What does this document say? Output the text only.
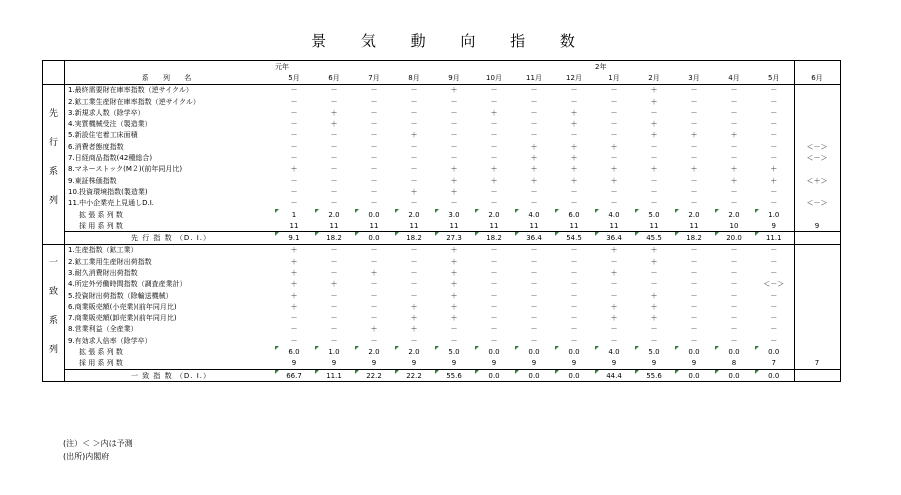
景 気 動 向 指 数
		元年								2年					
	系 列 名	5月	6月	7月	8月	9月	10月	11月	12月	1月	2月	3月	4月	5月	6月

先
行
系
列	1.最終需要財在庫率指数（逆サイクル）	－	－	－	－	＋	－	－	－	－	＋	－	－	－	
	2.鉱工業生産財在庫率指数（逆サイクル）	－	－	－	－	－	－	－	－	－	＋	－	－	－	
	3.新規求人数（除学卒）	－	＋	－	－	－	＋	－	＋	－	－	－	－	－	
	4.実質機械受注（製造業）	－	＋	－	－	－	－	－	＋	－	＋	－	－	－	
	5.新設住宅着工床面積	－	－	－	＋	－	－	－	－	－	＋	＋	＋	－	
	6.消費者態度指数	－	－	－	－	－	－	＋	＋	＋	－	－	－	－	＜－＞
	7.日経商品指数(42種総合)	－	－	－	－	－	－	＋	＋	－	－	－	－	－	＜－＞
	8.マネーストック(M２)(前年同月比)	＋	－	－	－	＋	＋	＋	＋	＋	＋	＋	＋	＋	
	9.東証株価指数	－	－	－	－	＋	＋	＋	＋	＋	－	－	＋	＋	＜＋＞
	10.投資環境指数(製造業)	－	－	－	＋	＋	－	－	－	－	－	－	－	－	
	11.中小企業売上見通しD.I.	－	－	－	－	－	－	－	－	－	－	－	－	－	＜－＞
	拡 張 系 列 数	1	2.0	0.0	2.0	3.0	2.0	4.0	6.0	4.0	5.0	2.0	2.0	1.0	
	採 用 系 列 数	11	11	11	11	11	11	11	11	11	11	11	10	9	9
	先 行 指 数 （D. I.）	9.1	18.2	0.0	18.2	27.3	18.2	36.4	54.5	36.4	45.5	18.2	20.0	11.1	

一
致
系
列	1.生産指数（鉱工業）	＋	－	－	－	＋	－	－	－	＋	＋	－	－	－	
	2.鉱工業用生産財出荷指数	＋	－	－	－	＋	－	－	－	－	＋	－	－	－	
	3.耐久消費財出荷指数	＋	－	＋	－	＋	－	－	－	＋	－	－	－	－	
	4.所定外労働時間指数（調査産業計）	＋	＋	－	－	＋	－	－	－	－	－	－	－	＜－＞	
	5.投資財出荷指数（除輸送機械）	＋	－	－	－	＋	－	－	－	－	＋	－	－	－	
	6.商業販売額(小売業)(前年同月比)	＋	－	－	＋	＋	－	－	－	＋	＋	－	－	－	
	7.商業販売額(卸売業)(前年同月比)	－	－	－	＋	＋	－	－	－	＋	＋	－	－	－	
	8.営業利益（全産業）	－	－	＋	＋	－	－	－	－	－	－	－	－	－	
	9.有効求人倍率（除学卒）	－	－	－	－	－	－	－	－	－	－	－	－	－	
	拡 張 系 列 数	6.0	1.0	2.0	2.0	5.0	0.0	0.0	0.0	4.0	5.0	0.0	0.0	0.0	
	採 用 系 列 数	9	9	9	9	9	9	9	9	9	9	9	8	7	7
	一 致 指 数 （D. I.）	66.7	11.1	22.2	22.2	55.6	0.0	0.0	0.0	44.4	55.6	0.0	0.0	0.0	
(注）＜ ＞内は予測
(出所)内閣府
